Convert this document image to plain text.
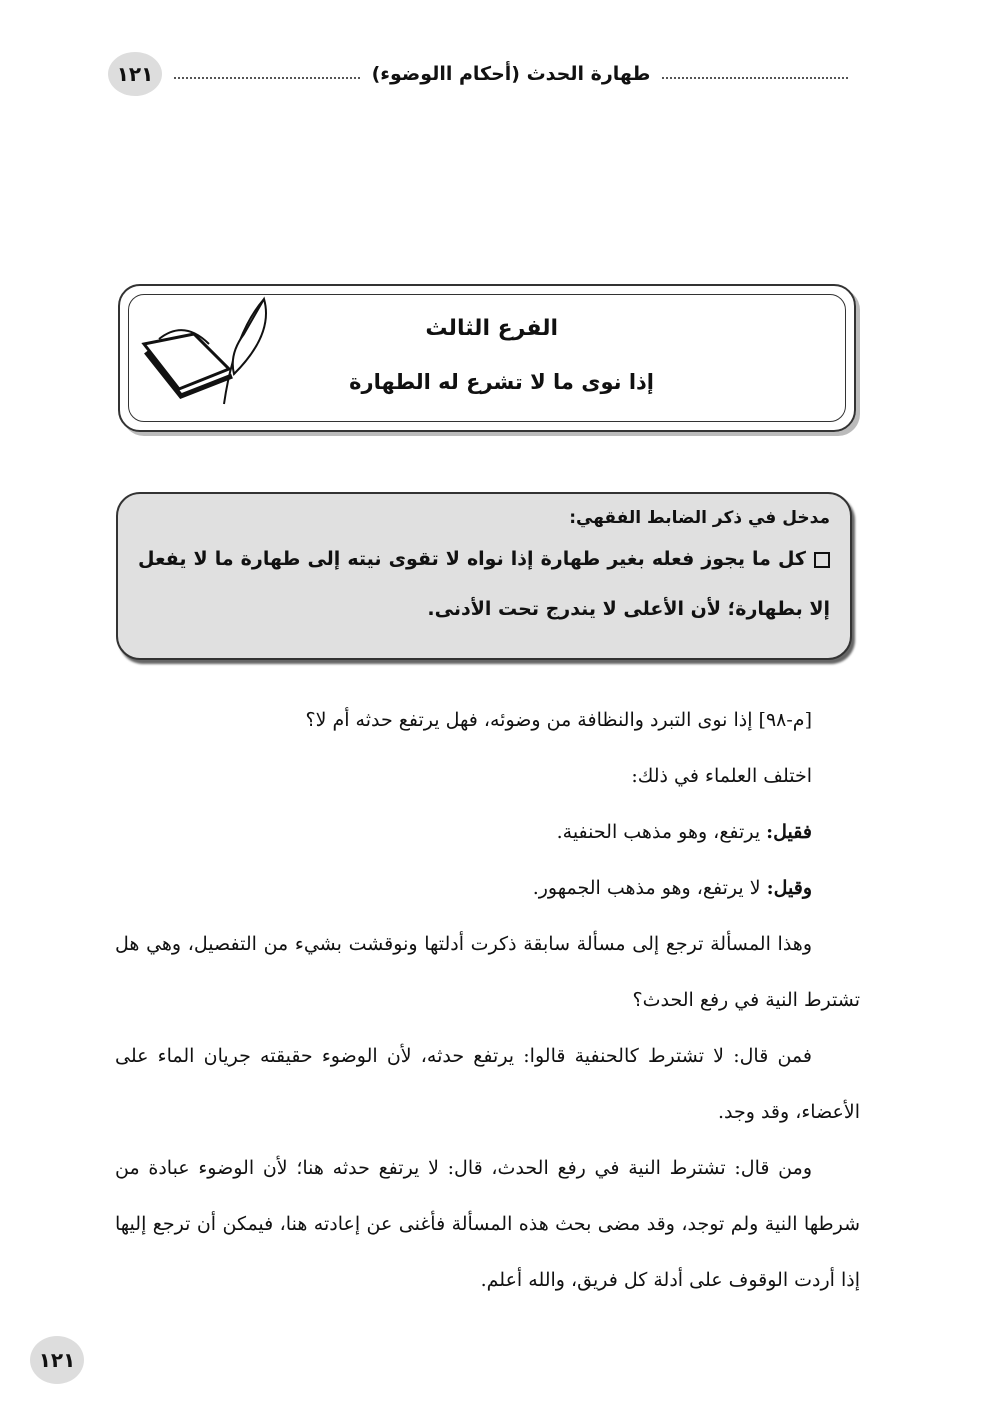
١٢١	طهارة الحدث (أحكام االوضوء)
الفرع الثالث
إذا نوى ما لا تشرع له الطهارة
مدخل في ذكر الضابط الفقهي:
كل ما يجوز فعله بغير طهارة إذا نواه لا تقوى نيته إلى طهارة ما لا يفعل إلا بطهارة؛ لأن الأعلى لا يندرج تحت الأدنى.

[م-٩٨] إذا نوى التبرد والنظافة من وضوئه، فهل يرتفع حدثه أم لا؟

اختلف العلماء في ذلك:

فقيل: يرتفع، وهو مذهب الحنفية.

وقيل: لا يرتفع، وهو مذهب الجمهور.

وهذا المسألة ترجع إلى مسألة سابقة ذكرت أدلتها ونوقشت بشيء من التفصيل، وهي هل تشترط النية في رفع الحدث؟

فمن قال: لا تشترط كالحنفية قالوا: يرتفع حدثه، لأن الوضوء حقيقته جريان الماء على الأعضاء، وقد وجد.

ومن قال: تشترط النية في رفع الحدث، قال: لا يرتفع حدثه هنا؛ لأن الوضوء عبادة من شرطها النية ولم توجد، وقد مضى بحث هذه المسألة فأغنى عن إعادته هنا، فيمكن أن ترجع إليها إذا أردت الوقوف على أدلة كل فريق، والله أعلم.

١٢١
